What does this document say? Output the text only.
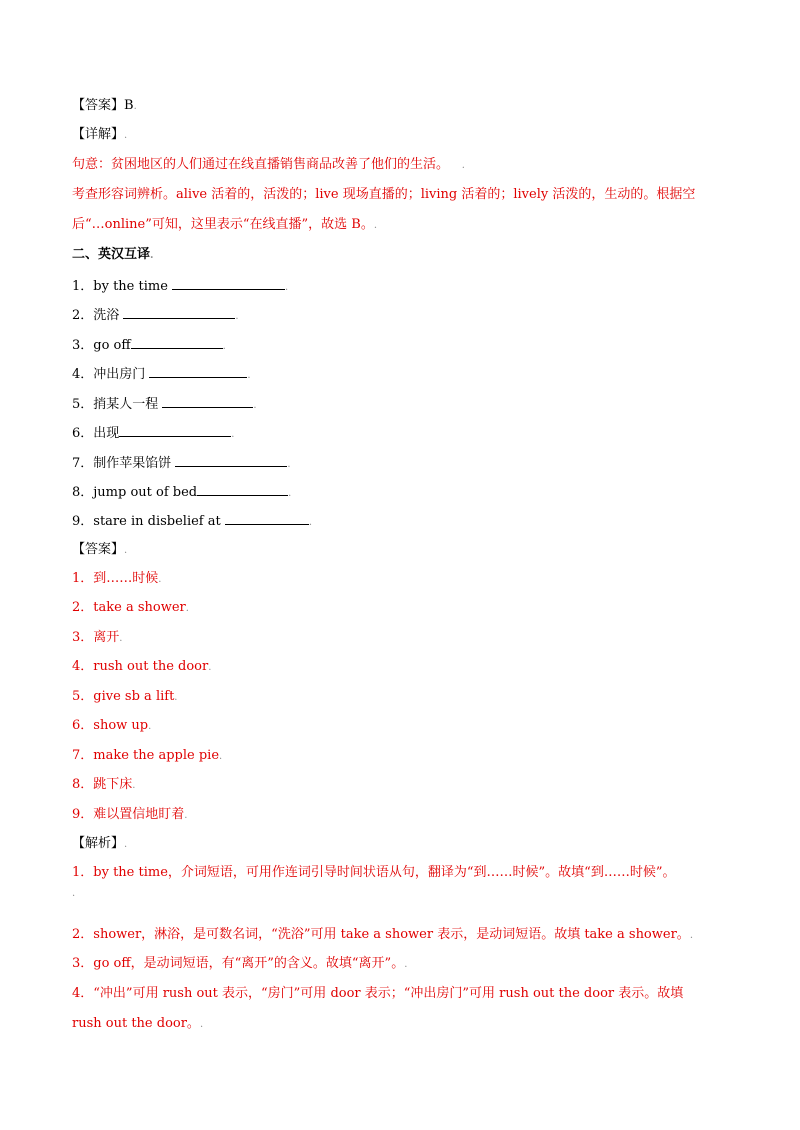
【答案】B.
【详解】.
句意：贫困地区的人们通过在线直播销售商品改善了他们的生活。    .
考查形容词辨析。alive 活着的，活泼的；live 现场直播的；living 活着的；lively 活泼的，生动的。根据空
后“…online”可知，这里表示“在线直播”，故选 B。.
二、英汉互译.
1．by the time	.
2．洗浴	.
3．go off	.
4．冲出房门	.
5．捎某人一程	.
6．出现	.
7．制作苹果馅饼	.
8．jump out of bed	.
9．stare in disbelief at	.
【答案】.
1．到……时候.
2．take a shower.
3．离开.
4．rush out the door.
5．give sb a lift.
6．show up.
7．make the apple pie.
8．跳下床.
9．难以置信地盯着.
【解析】.
1．by the time，介词短语，可用作连词引导时间状语从句，翻译为“到……时候”。故填“到……时候”。
.
2．shower，淋浴，是可数名词，“洗浴”可用 take a shower 表示，是动词短语。故填 take a shower。.
3．go off，是动词短语，有“离开”的含义。故填“离开”。.
4．“冲出”可用 rush out 表示，“房门”可用 door 表示；“冲出房门”可用 rush out the door 表示。故填
rush out the door。.
